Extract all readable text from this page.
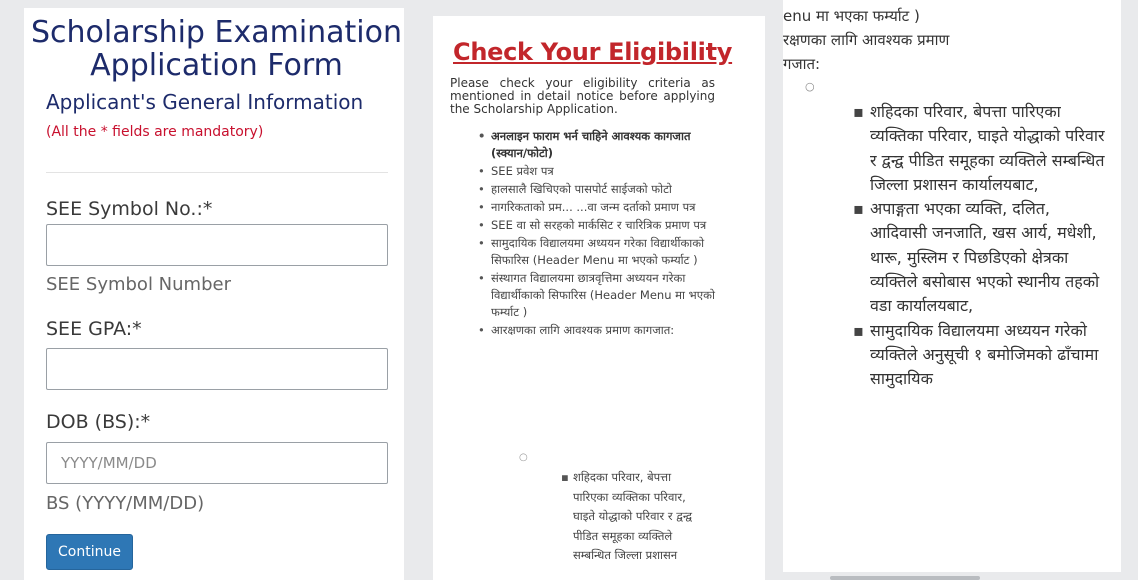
Scholarship Examination Application Form
Applicant's General Information
(All the * fields are mandatory)
SEE Symbol No.:*
SEE Symbol Number
SEE GPA:*
DOB (BS):*
YYYY/MM/DD
BS (YYYY/MM/DD)
Continue
Check Your Eligibility
Please check your eligibility criteria as mentioned in detail notice before applying the Scholarship Application.
• अनलाइन फाराम भर्न चाहिने आवश्यक कागजात (स्क्यान/फोटो)
• SEE प्रवेश पत्र
• हालसालै खिचिएको पासपोर्ट साईजको फोटो
• नागरिकताको प्रम... ...वा जन्म दर्ताको प्रमाण पत्र
• SEE वा सो सरहको मार्कसिट र चारित्रिक प्रमाण पत्र
• सामुदायिक विद्यालयमा अध्ययन गरेका विद्यार्थीकाको सिफारिस (Header Menu मा भएको फर्म्याट )
• संस्थागत विद्यालयमा छात्रवृत्तिमा अध्ययन गरेका विद्यार्थीकाको सिफारिस (Header Menu मा भएको फर्म्याट )
• आरक्षणका लागि आवश्यक प्रमाण कागजात:
○
▪ शहिदका परिवार, बेपत्ता पारिएका व्यक्तिका परिवार, घाइते योद्धाको परिवार र द्वन्द्व पीडित समूहका व्यक्तिले सम्बन्धित जिल्ला प्रशासन
enu मा भएका फर्म्याट )
रक्षणका लागि आवश्यक प्रमाण
गजात:
○
▪ शहिदका परिवार, बेपत्ता पारिएका व्यक्तिका परिवार, घाइते योद्धाको परिवार र द्वन्द्व पीडित समूहका व्यक्तिले सम्बन्धित जिल्ला प्रशासन कार्यालयबाट,
▪ अपाङ्गता भएका व्यक्ति, दलित, आदिवासी जनजाति, खस आर्य, मधेशी, थारू, मुस्लिम र पिछडिएको क्षेत्रका व्यक्तिले बसोबास भएको स्थानीय तहको वडा कार्यालयबाट,
▪ सामुदायिक विद्यालयमा अध्ययन गरेको व्यक्तिले अनुसूची १ बमोजिमको ढाँचामा सामुदायिक
